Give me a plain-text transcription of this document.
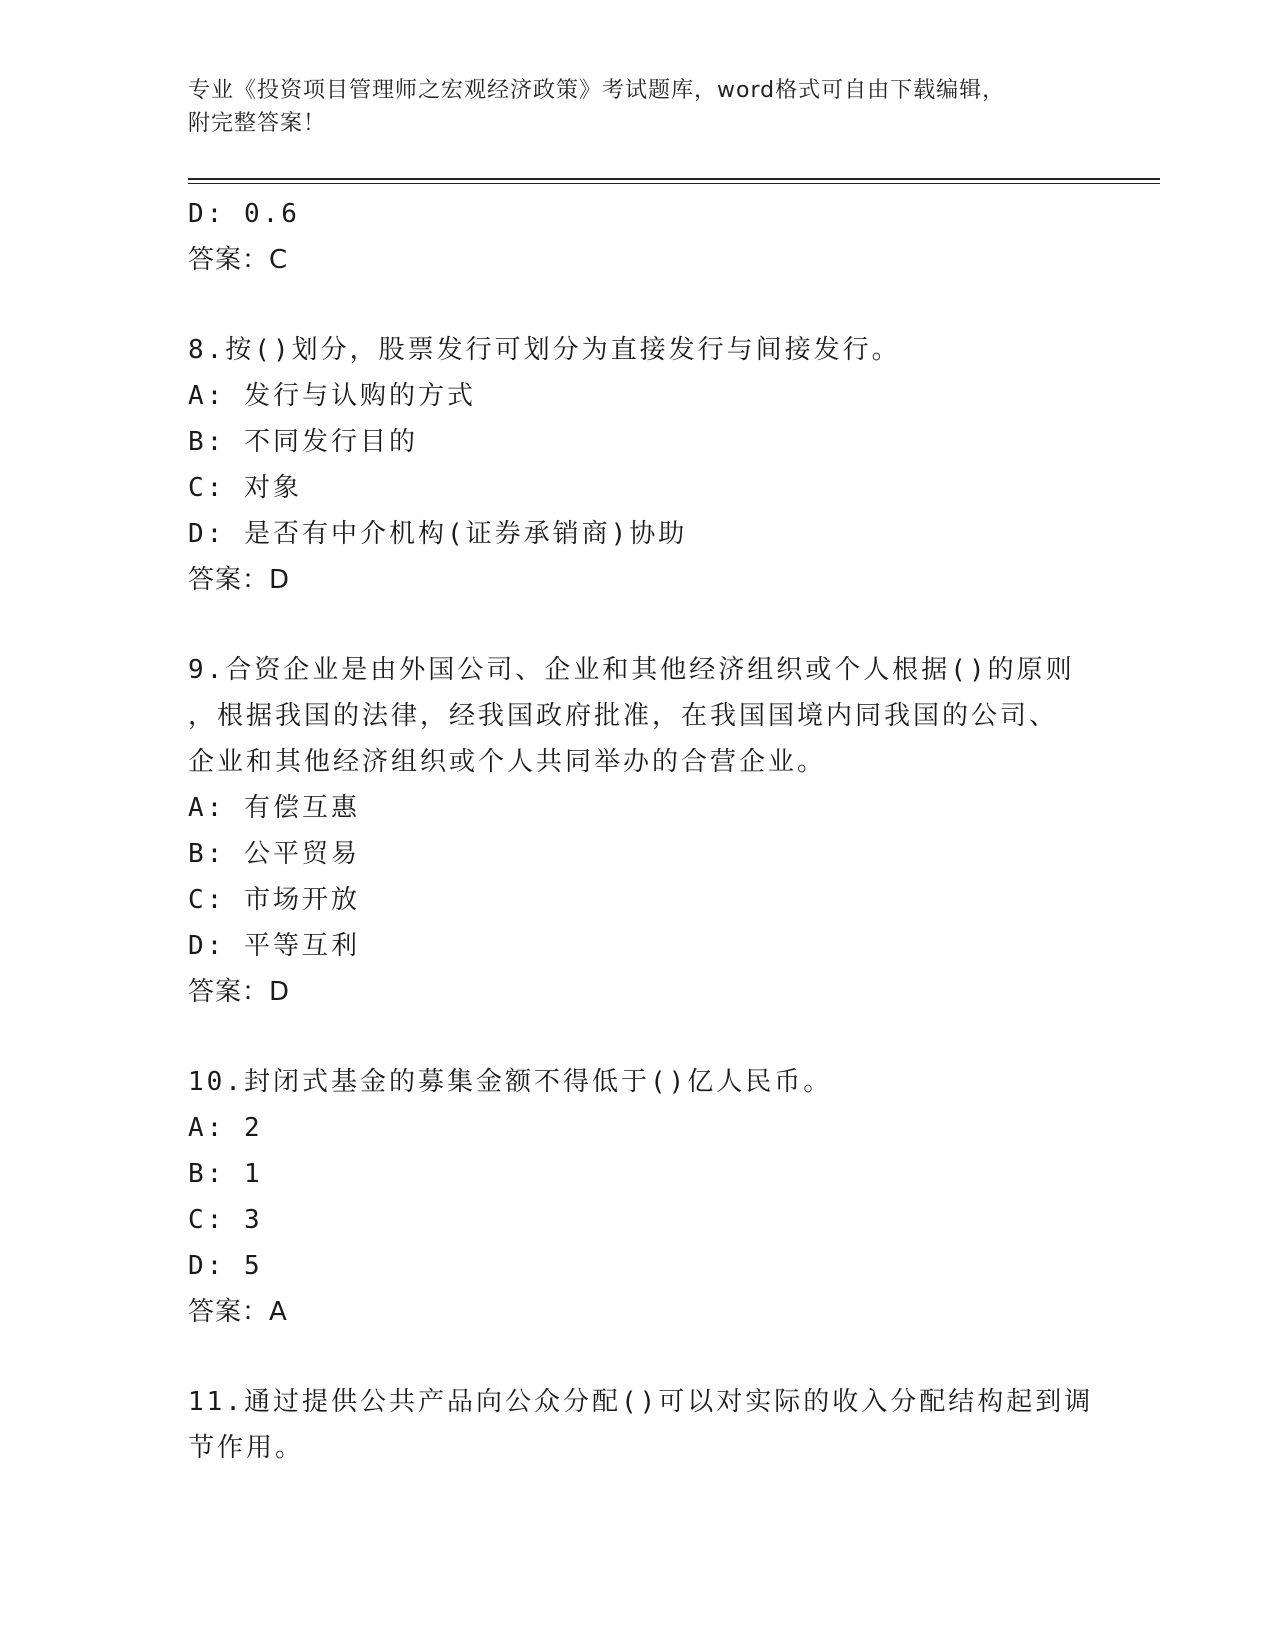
专业《投资项目管理师之宏观经济政策》考试题库，word格式可自由下载编辑，
附完整答案！
D: 0.6
答案：C
8.按()划分，股票发行可划分为直接发行与间接发行。
A: 发行与认购的方式
B: 不同发行目的
C: 对象
D: 是否有中介机构(证券承销商)协助
答案：D
9.合资企业是由外国公司、企业和其他经济组织或个人根据()的原则
，根据我国的法律，经我国政府批准，在我国国境内同我国的公司、
企业和其他经济组织或个人共同举办的合营企业。
A: 有偿互惠
B: 公平贸易
C: 市场开放
D: 平等互利
答案：D
10.封闭式基金的募集金额不得低于()亿人民币。
A: 2
B: 1
C: 3
D: 5
答案：A
11.通过提供公共产品向公众分配()可以对实际的收入分配结构起到调
节作用。
